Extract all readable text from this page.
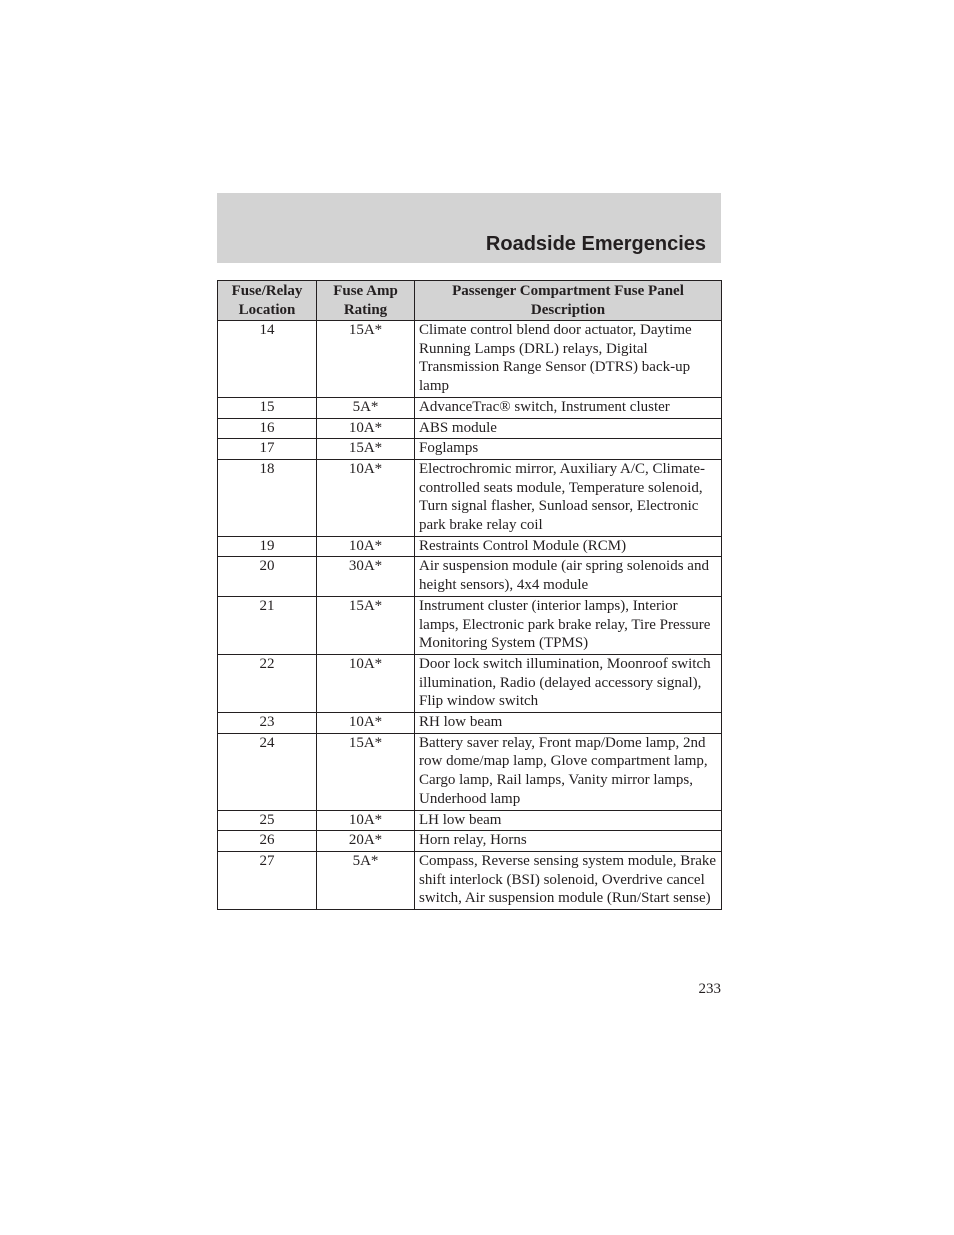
Roadside Emergencies
Fuse/Relay Location	Fuse Amp Rating	Passenger Compartment Fuse Panel Description
14	15A*	Climate control blend door actuator, Daytime Running Lamps (DRL) relays, Digital Transmission Range Sensor (DTRS) back-up lamp
15	5A*	AdvanceTrac® switch, Instrument cluster
16	10A*	ABS module
17	15A*	Foglamps
18	10A*	Electrochromic mirror, Auxiliary A/C, Climate-controlled seats module, Temperature solenoid, Turn signal flasher, Sunload sensor, Electronic park brake relay coil
19	10A*	Restraints Control Module (RCM)
20	30A*	Air suspension module (air spring solenoids and height sensors), 4x4 module
21	15A*	Instrument cluster (interior lamps), Interior lamps, Electronic park brake relay, Tire Pressure Monitoring System (TPMS)
22	10A*	Door lock switch illumination, Moonroof switch illumination, Radio (delayed accessory signal), Flip window switch
23	10A*	RH low beam
24	15A*	Battery saver relay, Front map/Dome lamp, 2nd row dome/map lamp, Glove compartment lamp, Cargo lamp, Rail lamps, Vanity mirror lamps, Underhood lamp
25	10A*	LH low beam
26	20A*	Horn relay, Horns
27	5A*	Compass, Reverse sensing system module, Brake shift interlock (BSI) solenoid, Overdrive cancel switch, Air suspension module (Run/Start sense)
233
